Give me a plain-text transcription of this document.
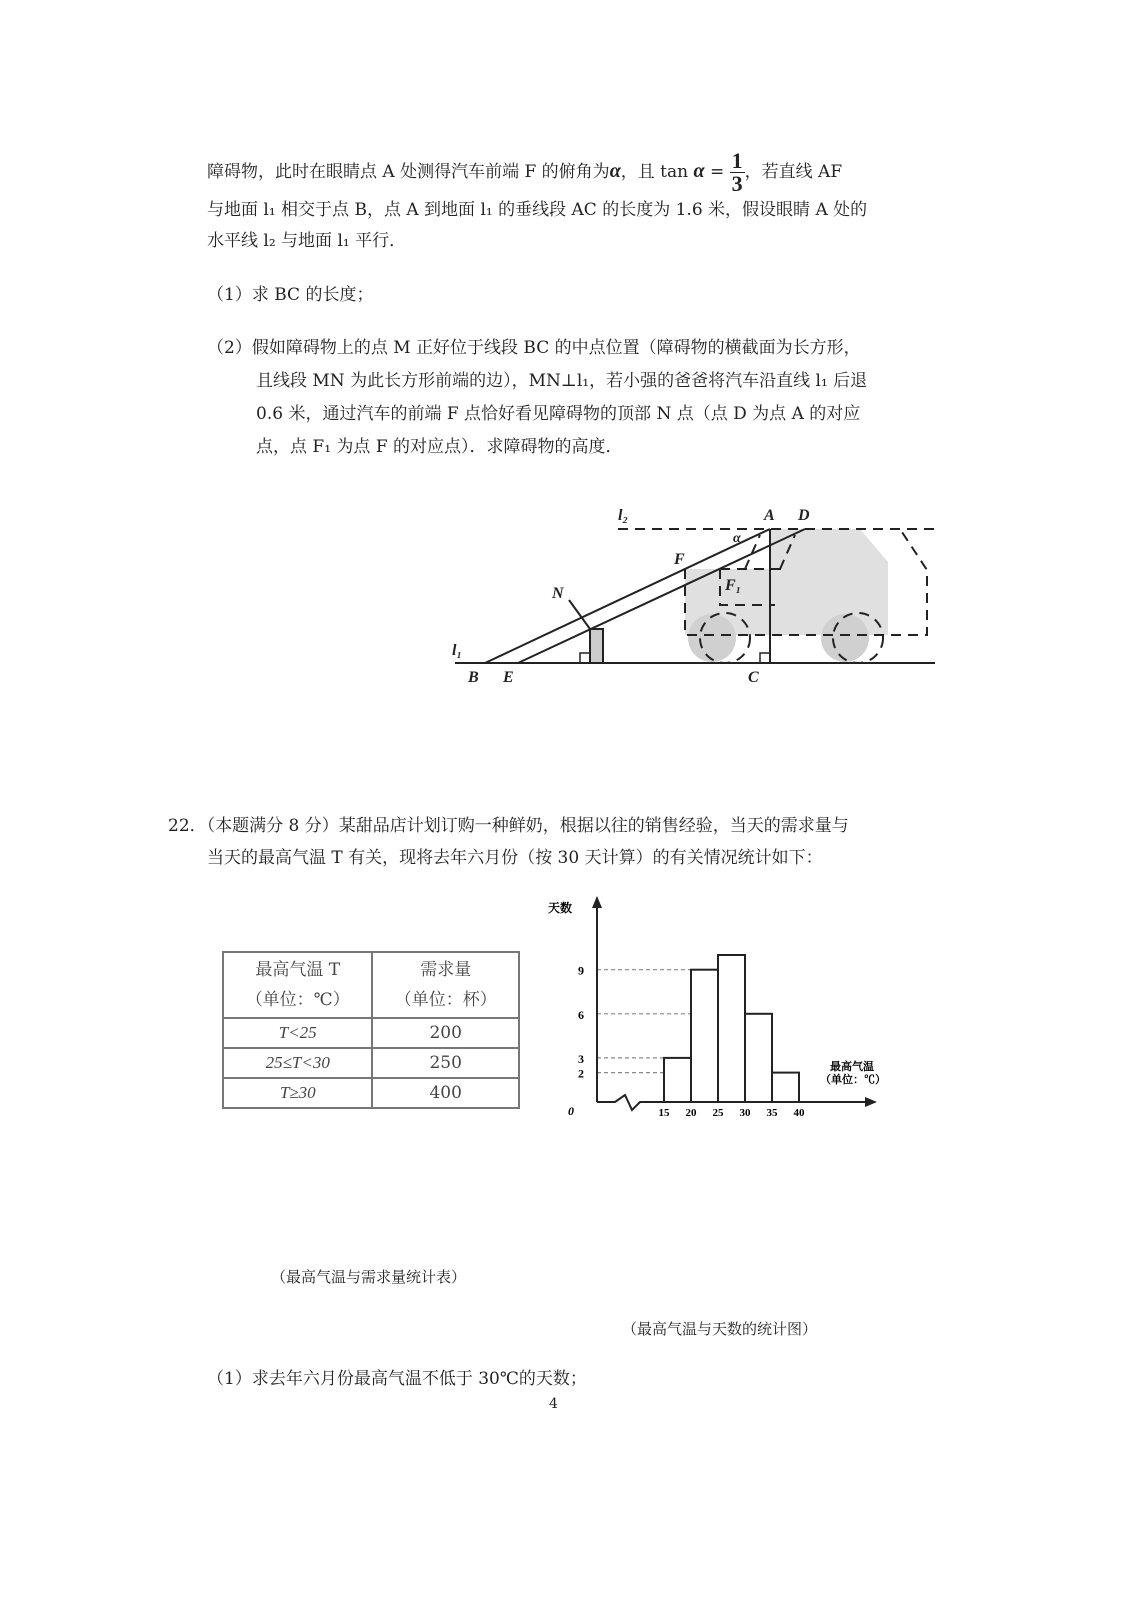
障碍物，此时在眼睛点 A 处测得汽车前端 F 的俯角为α，且 $\tan \alpha = \frac{1}{3}$ ，若直线 AF
与地面 l₁ 相交于点 B，点 A 到地面 l₁ 的垂线段 AC 的长度为 1.6 米，假设眼睛 A 处的
水平线 l₂ 与地面 l₁ 平行．
（1）求 BC 的长度；
（2）假如障碍物上的点 M 正好位于线段 BC 的中点位置（障碍物的横截面为长方形，
且线段 MN 为此长方形前端的边），MN⊥l₁，若小强的爸爸将汽车沿直线 l₁ 后退
0.6 米，通过汽车的前端 F 点恰好看见障碍物的顶部 N 点（点 D 为点 A 的对应
点，点 F₁ 为点 F 的对应点）．求障碍物的高度．
l₂	A D
α
F
F₁
N
l₁
B E	C
22．（本题满分 8 分）某甜品店计划订购一种鲜奶，根据以往的销售经验，当天的需求量与
当天的最高气温 T 有关，现将去年六月份（按 30 天计算）的有关情况统计如下：
最高气温 T
（单位：℃）	需求量
（单位：杯）
T<25	200
25≤T<30	250
T≥30	400
天数
0
最高气温
（单位：℃）
15 20 25 30 35 40
2
3
6
9
（最高气温与需求量统计表）
（最高气温与天数的统计图）
（1）求去年六月份最高气温不低于 30℃的天数；
4
